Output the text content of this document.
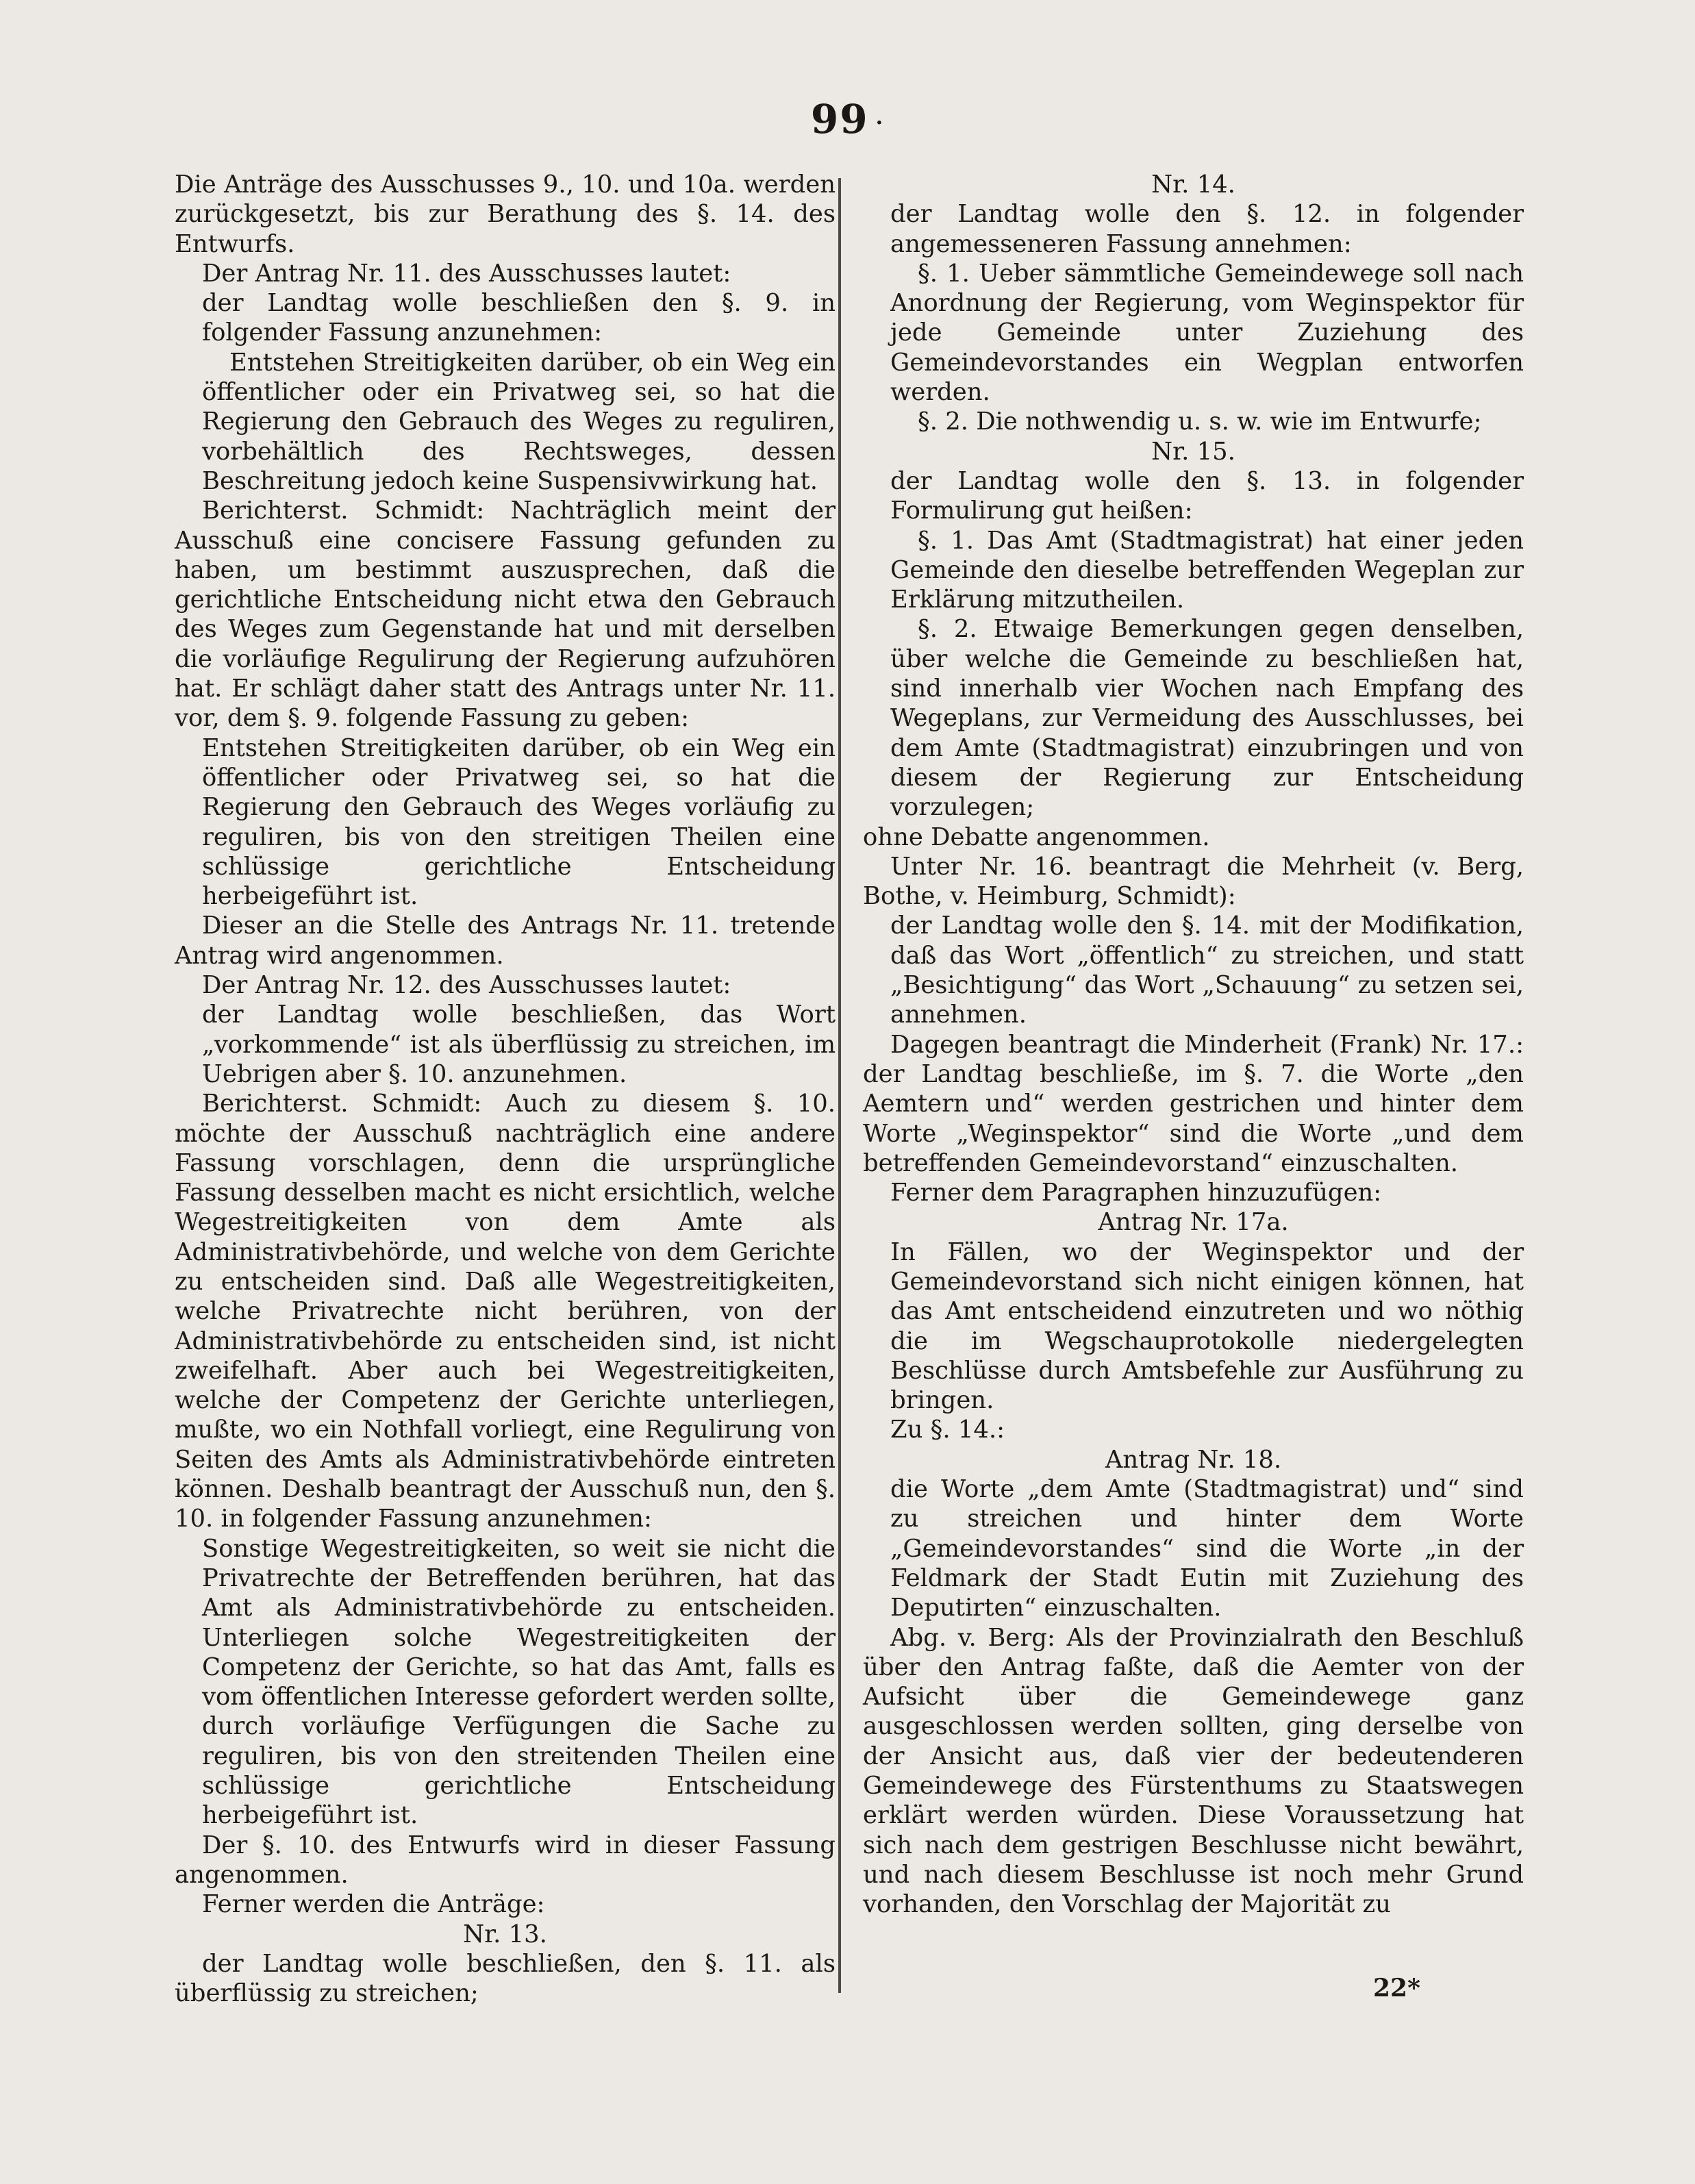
99 ·

Die Anträge des Ausschusses 9., 10. und 10a. werden zurückgesetzt, bis zur Berathung des §. 14. des Entwurfs.

Der Antrag Nr. 11. des Ausschusses lautet:

der Landtag wolle beschließen den §. 9. in folgender Fassung anzunehmen:

Entstehen Streitigkeiten darüber, ob ein Weg ein öffentlicher oder ein Privatweg sei, so hat die Regierung den Gebrauch des Weges zu reguliren, vorbehältlich des Rechtsweges, dessen Beschreitung jedoch keine Suspensivwirkung hat.

Berichterst. Schmidt: Nachträglich meint der Ausschuß eine concisere Fassung gefunden zu haben, um bestimmt auszusprechen, daß die gerichtliche Entscheidung nicht etwa den Gebrauch des Weges zum Gegenstande hat und mit derselben die vorläufige Regulirung der Regierung aufzuhören hat. Er schlägt daher statt des Antrags unter Nr. 11. vor, dem §. 9. folgende Fassung zu geben:

Entstehen Streitigkeiten darüber, ob ein Weg ein öffentlicher oder Privatweg sei, so hat die Regierung den Gebrauch des Weges vorläufig zu reguliren, bis von den streitigen Theilen eine schlüssige gerichtliche Entscheidung herbeigeführt ist.

Dieser an die Stelle des Antrags Nr. 11. tretende Antrag wird angenommen.

Der Antrag Nr. 12. des Ausschusses lautet:

der Landtag wolle beschließen, das Wort „vorkommende“ ist als überflüssig zu streichen, im Uebrigen aber §. 10. anzunehmen.

Berichterst. Schmidt: Auch zu diesem §. 10. möchte der Ausschuß nachträglich eine andere Fassung vorschlagen, denn die ursprüngliche Fassung desselben macht es nicht ersichtlich, welche Wegestreitigkeiten von dem Amte als Administrativbehörde, und welche von dem Gerichte zu entscheiden sind. Daß alle Wegestreitigkeiten, welche Privatrechte nicht berühren, von der Administrativbehörde zu entscheiden sind, ist nicht zweifelhaft. Aber auch bei Wegestreitigkeiten, welche der Competenz der Gerichte unterliegen, mußte, wo ein Nothfall vorliegt, eine Regulirung von Seiten des Amts als Administrativbehörde eintreten können. Deshalb beantragt der Ausschuß nun, den §. 10. in folgender Fassung anzunehmen:

Sonstige Wegestreitigkeiten, so weit sie nicht die Privatrechte der Betreffenden berühren, hat das Amt als Administrativbehörde zu entscheiden. Unterliegen solche Wegestreitigkeiten der Competenz der Gerichte, so hat das Amt, falls es vom öffentlichen Interesse gefordert werden sollte, durch vorläufige Verfügungen die Sache zu reguliren, bis von den streitenden Theilen eine schlüssige gerichtliche Entscheidung herbeigeführt ist.

Der §. 10. des Entwurfs wird in dieser Fassung angenommen.

Ferner werden die Anträge:

Nr. 13.

der Landtag wolle beschließen, den §. 11. als überflüssig zu streichen;

Nr. 14.

der Landtag wolle den §. 12. in folgender angemesseneren Fassung annehmen:

§. 1. Ueber sämmtliche Gemeindewege soll nach Anordnung der Regierung, vom Weginspektor für jede Gemeinde unter Zuziehung des Gemeindevorstandes ein Wegplan entworfen werden.

§. 2. Die nothwendig u. s. w. wie im Entwurfe;

Nr. 15.

der Landtag wolle den §. 13. in folgender Formulirung gut heißen:

§. 1. Das Amt (Stadtmagistrat) hat einer jeden Gemeinde den dieselbe betreffenden Wegeplan zur Erklärung mitzutheilen.

§. 2. Etwaige Bemerkungen gegen denselben, über welche die Gemeinde zu beschließen hat, sind innerhalb vier Wochen nach Empfang des Wegeplans, zur Vermeidung des Ausschlusses, bei dem Amte (Stadtmagistrat) einzubringen und von diesem der Regierung zur Entscheidung vorzulegen;

ohne Debatte angenommen.

Unter Nr. 16. beantragt die Mehrheit (v. Berg, Bothe, v. Heimburg, Schmidt):

der Landtag wolle den §. 14. mit der Modifikation, daß das Wort „öffentlich“ zu streichen, und statt „Besichtigung“ das Wort „Schauung“ zu setzen sei, annehmen.

Dagegen beantragt die Minderheit (Frank) Nr. 17.: der Landtag beschließe, im §. 7. die Worte „den Aemtern und“ werden gestrichen und hinter dem Worte „Weginspektor“ sind die Worte „und dem betreffenden Gemeindevorstand“ einzuschalten.

Ferner dem Paragraphen hinzuzufügen:

Antrag Nr. 17a.

In Fällen, wo der Weginspektor und der Gemeindevorstand sich nicht einigen können, hat das Amt entscheidend einzutreten und wo nöthig die im Wegschauprotokolle niedergelegten Beschlüsse durch Amtsbefehle zur Ausführung zu bringen.

Zu §. 14.:

Antrag Nr. 18.

die Worte „dem Amte (Stadtmagistrat) und“ sind zu streichen und hinter dem Worte „Gemeindevorstandes“ sind die Worte „in der Feldmark der Stadt Eutin mit Zuziehung des Deputirten“ einzuschalten.

Abg. v. Berg: Als der Provinzialrath den Beschluß über den Antrag faßte, daß die Aemter von der Aufsicht über die Gemeindewege ganz ausgeschlossen werden sollten, ging derselbe von der Ansicht aus, daß vier der bedeutenderen Gemeindewege des Fürstenthums zu Staatswegen erklärt werden würden. Diese Voraussetzung hat sich nach dem gestrigen Beschlusse nicht bewährt, und nach diesem Beschlusse ist noch mehr Grund vorhanden, den Vorschlag der Majorität zu

22*
